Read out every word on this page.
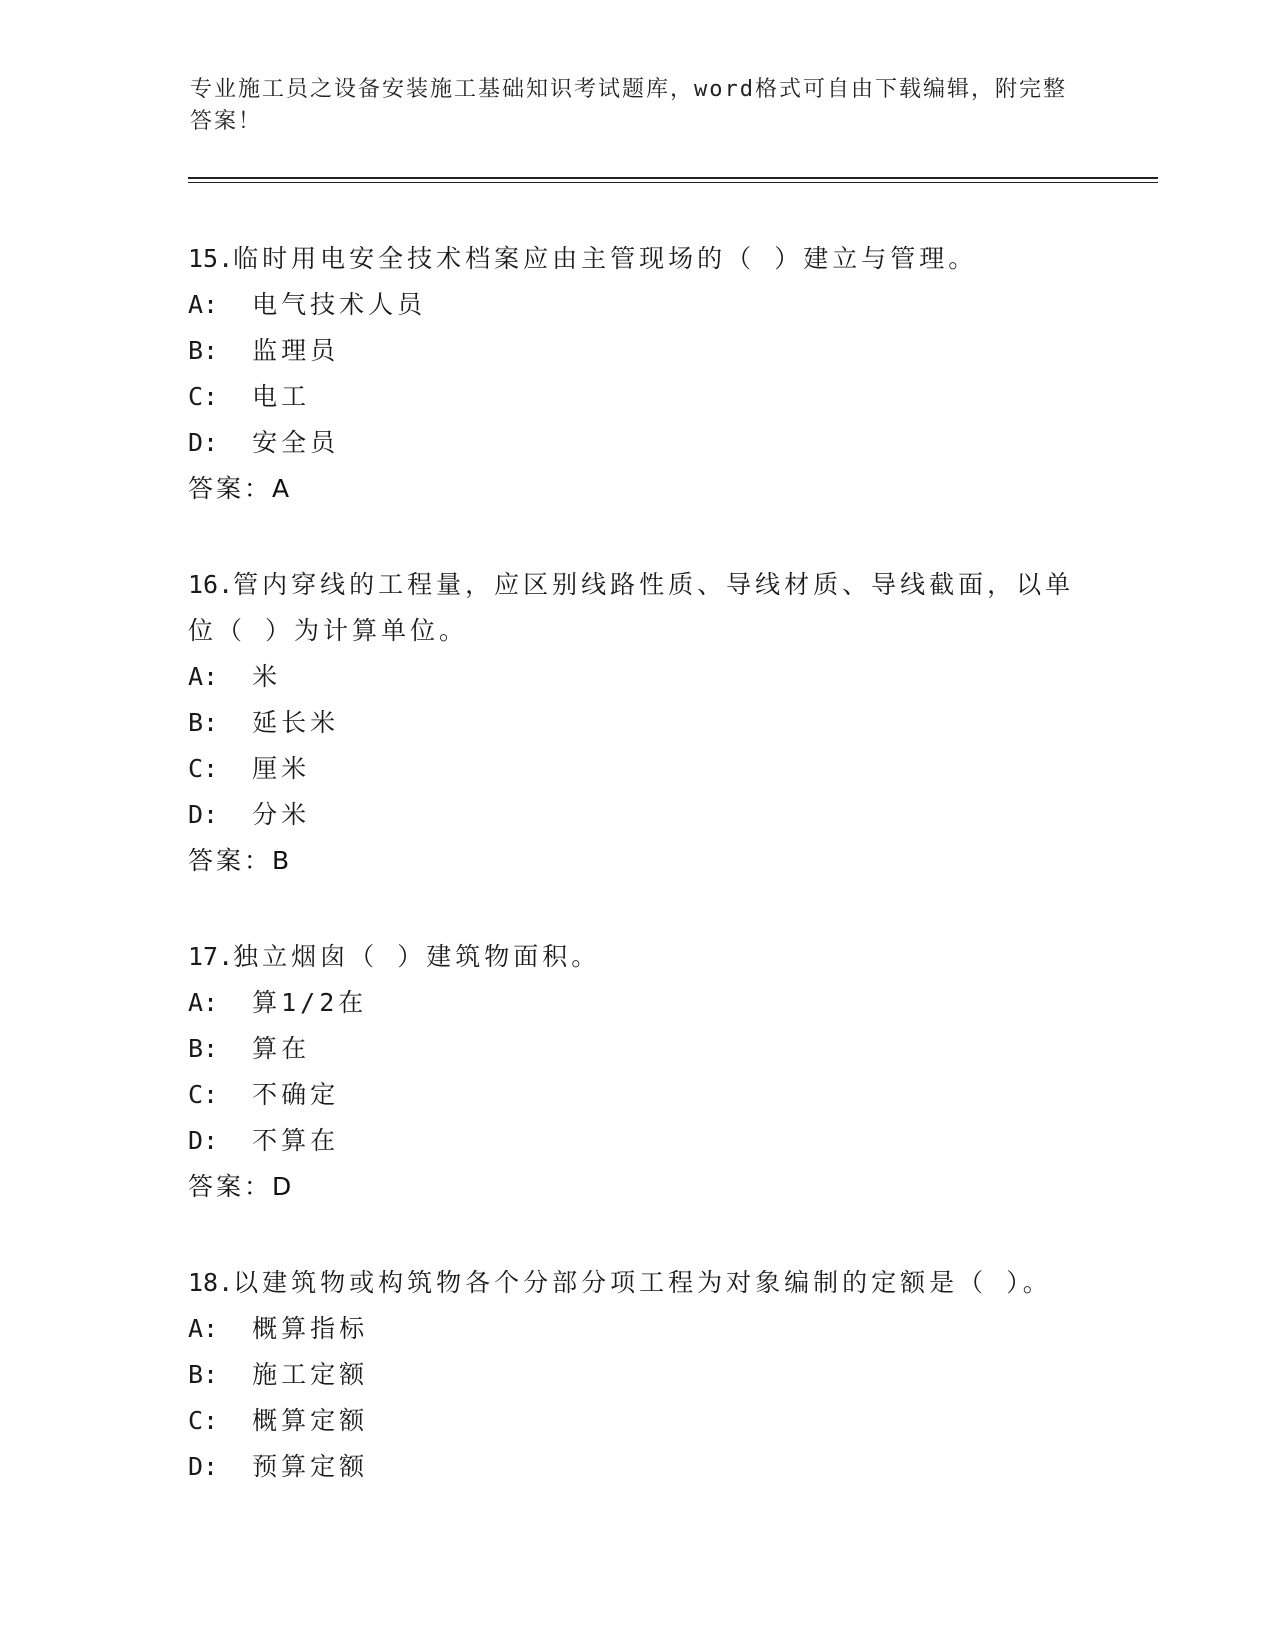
专业施工员之设备安装施工基础知识考试题库，word格式可自由下载编辑，附完整答案！

15.临时用电安全技术档案应由主管现场的（ ）建立与管理。

A: 电气技术人员

B: 监理员

C: 电工

D: 安全员

答案：A

16.管内穿线的工程量，应区别线路性质、导线材质、导线截面，以单位（ ）为计算单位。

A: 米

B: 延长米

C: 厘米

D: 分米

答案：B

17.独立烟囱（ ）建筑物面积。

A: 算1/2在

B: 算在

C: 不确定

D: 不算在

答案：D

18.以建筑物或构筑物各个分部分项工程为对象编制的定额是（ ）。

A: 概算指标

B: 施工定额

C: 概算定额

D: 预算定额
